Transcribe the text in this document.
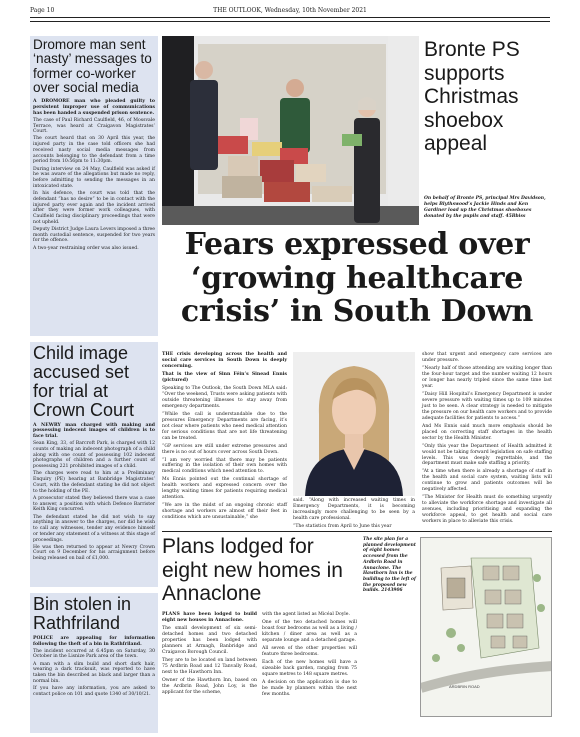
Page 10	THE OUTLOOK, Wednesday, 10th November 2021
Dromore man sent ‘nasty’ messages to former co-worker over social media

A DROMORE man who pleaded guilty to persistent improper use of communications has been handed a suspended prison sentence.

The case of Paul Richard Caulfield, 46, of Mossvale Terrace, was heard at Craigavon Magistrates’ Court.

The court heard that on 30 April this year, the injured party in the case told officers she had received nasty social media messages from accounts belonging to the defendant from a time period from 10:56pm to 11:30pm.

During interview on 24 May, Caulfield was asked if he was aware of the allegations but made no reply, before admitting to sending the messages in an intoxicated state.

In his defence, the court was told that the defendant “has no desire” to be in contact with the injured party ever again and the incident arrived after they were former work colleagues, with Caulfield facing disciplinary proceedings that were not upheld.

Deputy District Judge Laura Levers imposed a three month custodial sentence, suspended for two years for the offence.

A two-year restraining order was also issued.

Child image accused set for trial at Crown Court

A NEWRY man charged with making and possessing indecent images of children is to face trial.

Sean King, 33, of Barcroft Park, is charged with 12 counts of making an indecent photograph of a child along with one count of possessing 102 indecent photographs of children and a further count of possessing 221 prohibited images of a child.

The charges were read to him at a Preliminary Enquiry (PE) hearing at Banbridge Magistrates’ Court, with the defendant stating he did not object to the holding of the PE.

A prosecutor stated they believed there was a case to answer, a position with which Defence Barrister Keith King concurred.

The defendant stated he did not wish to say anything in answer to the charges, nor did he wish to call any witnesses, tender any evidence himself or tender any statement of a witness at this stage of proceedings.

He was then returned to appear at Newry Crown Court on 9 December for his arraignment before being released on bail of £1,000.

Bin stolen in Rathfriland

POLICE are appealing for information following the theft of a bin in Rathfriland.

The incident occurred at 6.45pm on Saturday, 30 October in the Lisnize Park area of the town.

A man with a slim build and short dark hair, wearing a dark tracksuit, was reported to have taken the bin described as black and larger than a normal bin.

If you have any information, you are asked to contact police on 101 and quote 1340 of 30/10/21.

Bronte PS supports Christmas shoebox appeal
On behalf of Bronte PS, principal Mrs Davidson, helps Blythswood’s Jackie Hinds and Ken Gardiner load up the Christmas shoeboxes donated by the pupils and staff. 45Bbiss
Fears expressed over ‘growing healthcare crisis’ in South Down

THE crisis developing across the health and social care services in South Down is deeply concerning.

That is the view of Sinn Féin’s Sinead Ennis (pictured)

Speaking to The Outlook, the South Down MLA said: “Over the weekend, Trusts were asking patients with outside threatening illnesses to stay away from emergency departments.

“While the call is understandable due to the pressures Emergency Departments are facing, it’s not clear where patients who need medical attention for serious conditions that are not life threatening can be treated.

“GP services are still under extreme pressures and there is no out of hours cover across South Down.

“I am very worried that there may be patients suffering in the isolation of their own homes with medical conditions which need attention to.

Ms Ennis pointed out the continual shortage of health workers and expressed concern over the lengthy waiting times for patients requiring medical attention.

“We are in the midst of an ongoing chronic staff shortage and workers are almost off their feet in conditions which are unsustainable,” she

said. “Along with increased waiting times in Emergency Departments, it is becoming increasingly more challenging to be seen by a health care professional.

“The statistics from April to June this year

show that urgent and emergency care services are under pressure.

“Nearly half of those attending are waiting longer than the four-hour target and the number waiting 12 hours or longer has nearly tripled since the same time last year.

“Daisy Hill Hospital’s Emergency Department is under severe pressure with waiting times up to 109 minutes just to be seen. A clear strategy is needed to mitigate the pressure on our health care workers and to provide adequate facilities for patients to access.”

And Ms Ennis said much more emphasis should be placed on correcting staff shortages in the health sector by the Health Minister.

“Only this year the Department of Health admitted it would not be taking forward legislation on safe staffing levels. This was deeply regrettable, and the department must make safe staffing a priority.

“At a time when there is already a shortage of staff in the health and social care system, waiting lists will continue to grow and patients outcomes will be negatively affected.

“The Minister for Health must do something urgently to alleviate the workforce shortage and investigate all avenues, including prioritising and expanding the workforce appeal, to get health and social care workers in place to alleviate this crisis.

Plans lodged for eight new homes in Annaclone

PLANS have been lodged to build eight new houses in Annaclone.

The small development of six semi-detached homes and two detached properties has been lodged with planners at Armagh, Banbridge and Craigavon Borough Council.

They are to be located on land between 75 Ardbrin Road and 12 Tanvally Road, next to the Hawthorn Inn.

Owner of the Hawthorn Inn, based on the Ardbrin Road, John Loy, is the applicant for the scheme,

with the agent listed as Micéal Doyle.

One of the two detached homes will boast four bedrooms as well as a living / kitchen / diner area as well as a separate lounge and a detached garage.

All seven of the other properties will feature three bedrooms.

Each of the new homes will have a sizeable back garden, ranging from 75 square metres to 148 square metres.

A decision on the application is due to be made by planners within the next few months.

The site plan for a planned development of eight homes accessed from the Ardbrin Road in Annaclone. The Hawthorn Inn is the building to the left of the proposed new builds. 2143906
ARDBRIN ROAD
